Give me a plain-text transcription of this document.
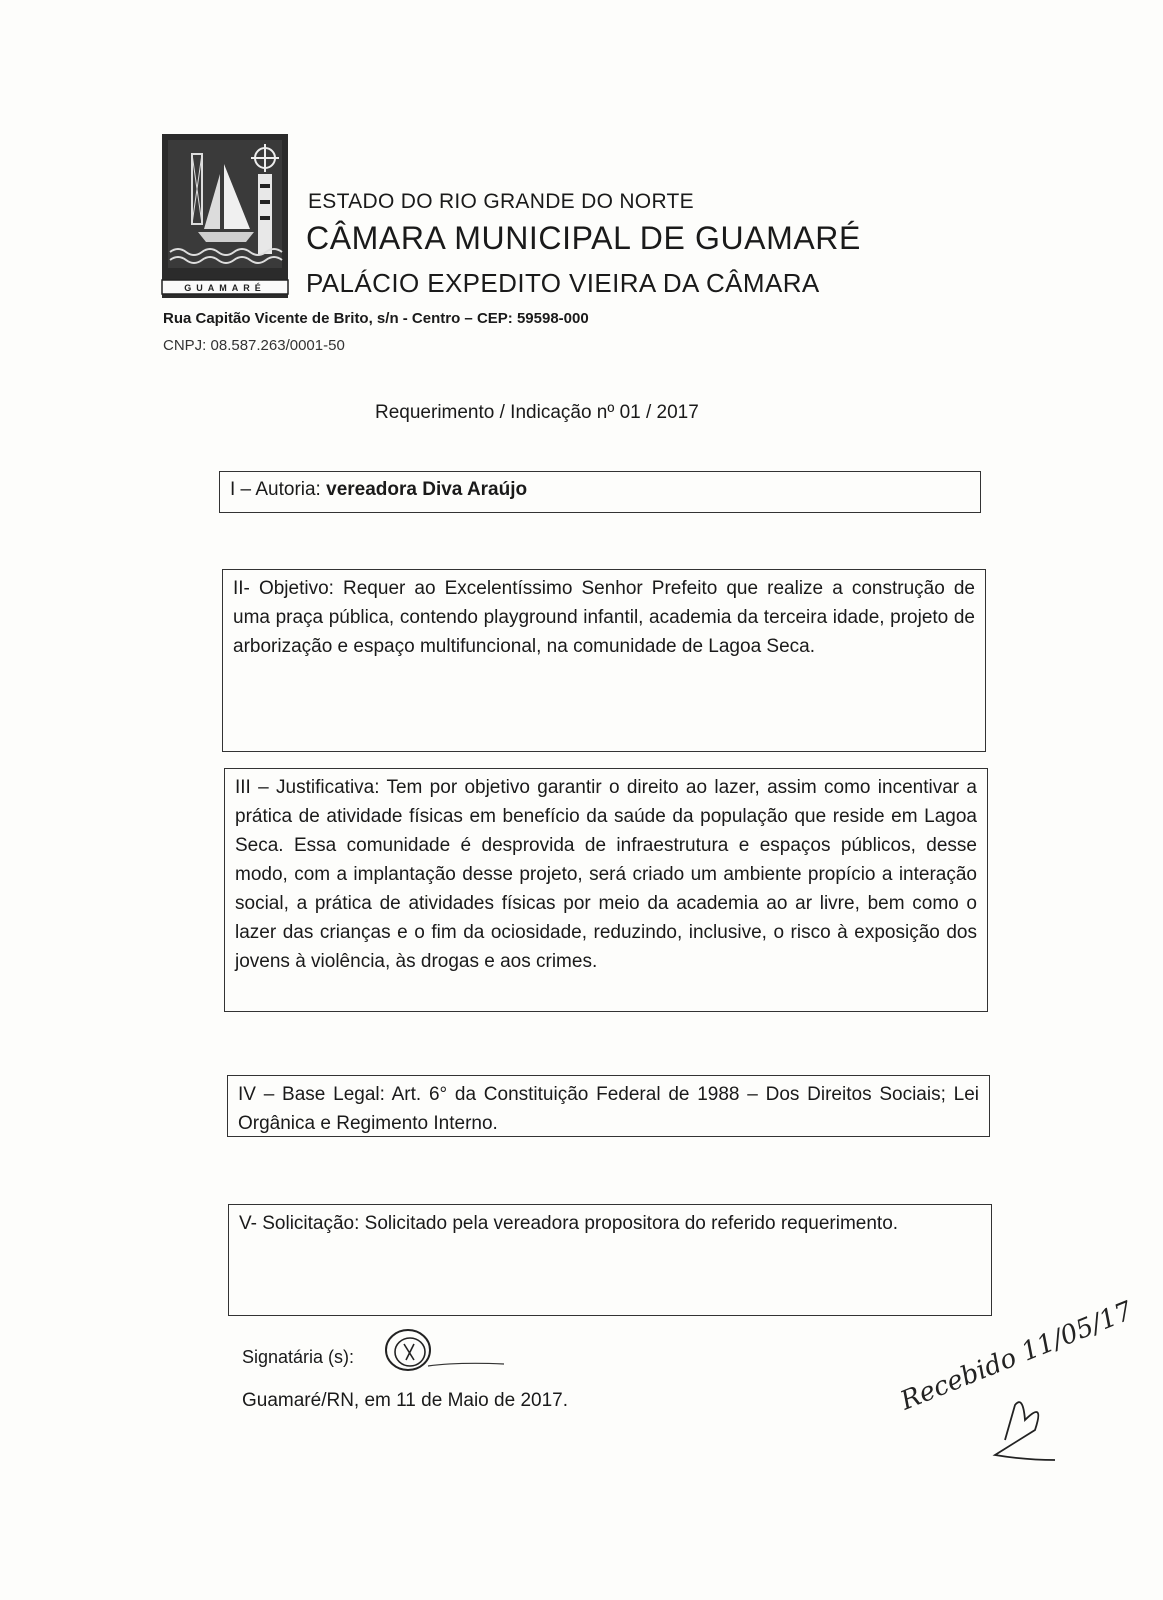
GUAMARÉ
ESTADO DO RIO GRANDE DO NORTE
CÂMARA MUNICIPAL DE GUAMARÉ
PALÁCIO EXPEDITO VIEIRA DA CÂMARA
Rua Capitão Vicente de Brito, s/n - Centro – CEP: 59598-000
CNPJ: 08.587.263/0001-50
Requerimento / Indicação nº 01 / 2017
I – Autoria: vereadora Diva Araújo
II- Objetivo: Requer ao Excelentíssimo Senhor Prefeito que realize a construção de uma praça pública, contendo playground infantil, academia da terceira idade, projeto de arborização e espaço multifuncional, na comunidade de Lagoa Seca.
III – Justificativa: Tem por objetivo garantir o direito ao lazer, assim como incentivar a prática de atividade físicas em benefício da saúde da população que reside em Lagoa Seca. Essa comunidade é desprovida de infraestrutura e espaços públicos, desse modo, com a implantação desse projeto, será criado um ambiente propício a interação social, a prática de atividades físicas por meio da academia ao ar livre, bem como o lazer das crianças e o fim da ociosidade, reduzindo, inclusive, o risco à exposição dos jovens à violência, às drogas e aos crimes.
IV – Base Legal: Art. 6° da Constituição Federal de 1988 – Dos Direitos Sociais; Lei Orgânica e Regimento Interno.
V- Solicitação: Solicitado pela vereadora propositora do referido requerimento.
Signatária (s):
Guamaré/RN, em 11 de Maio de 2017.	Recebido 11/05/17
